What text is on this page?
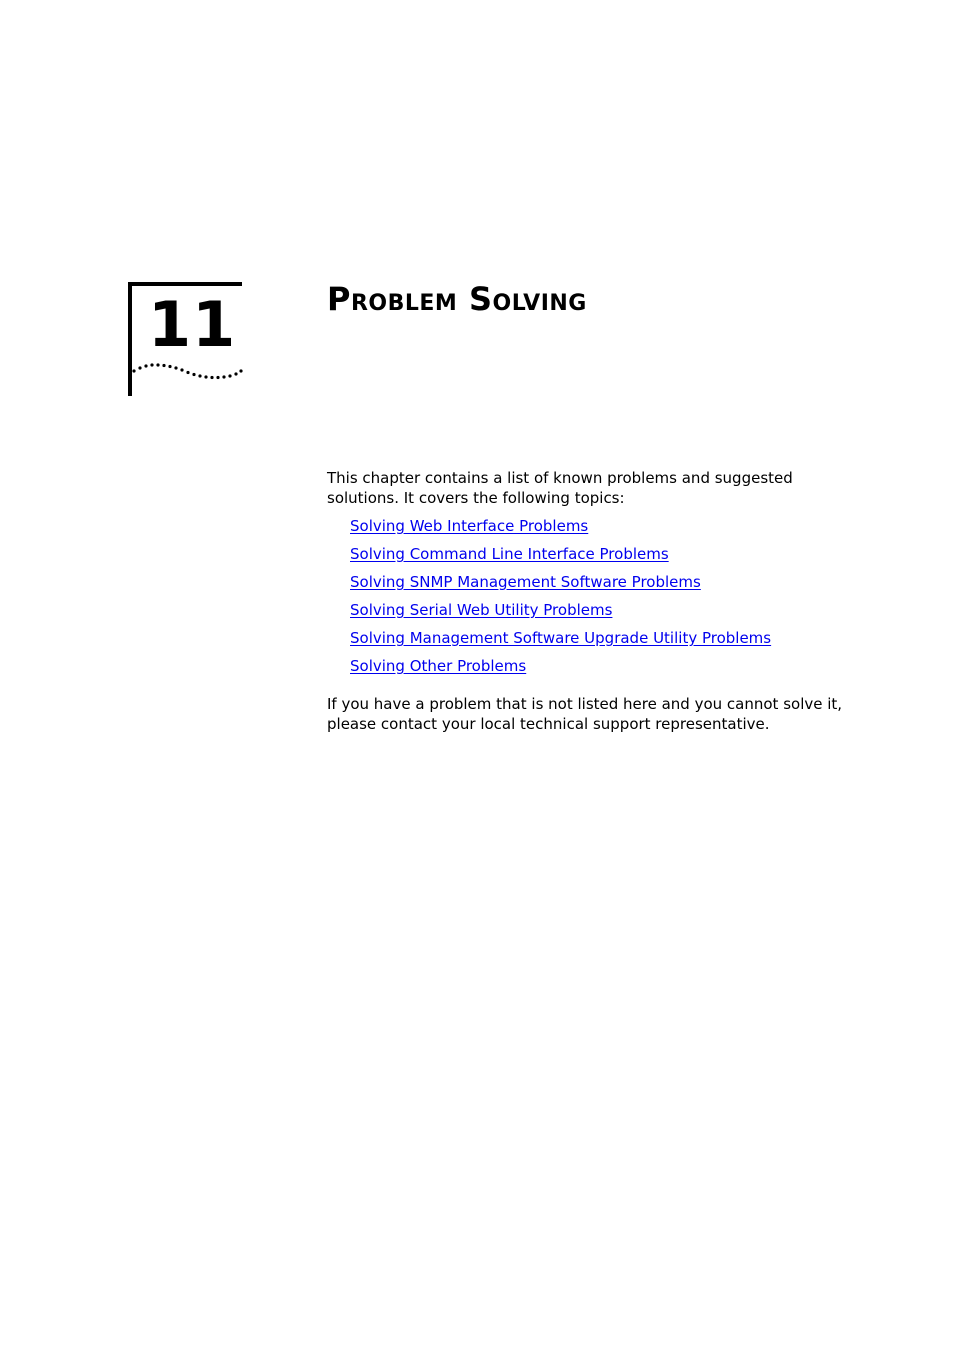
11	Problem Solving

This chapter contains a list of known problems and suggested solutions. It covers the following topics:

Solving Web Interface Problems
Solving Command Line Interface Problems
Solving SNMP Management Software Problems
Solving Serial Web Utility Problems
Solving Management Software Upgrade Utility Problems
Solving Other Problems

If you have a problem that is not listed here and you cannot solve it, please contact your local technical support representative.
